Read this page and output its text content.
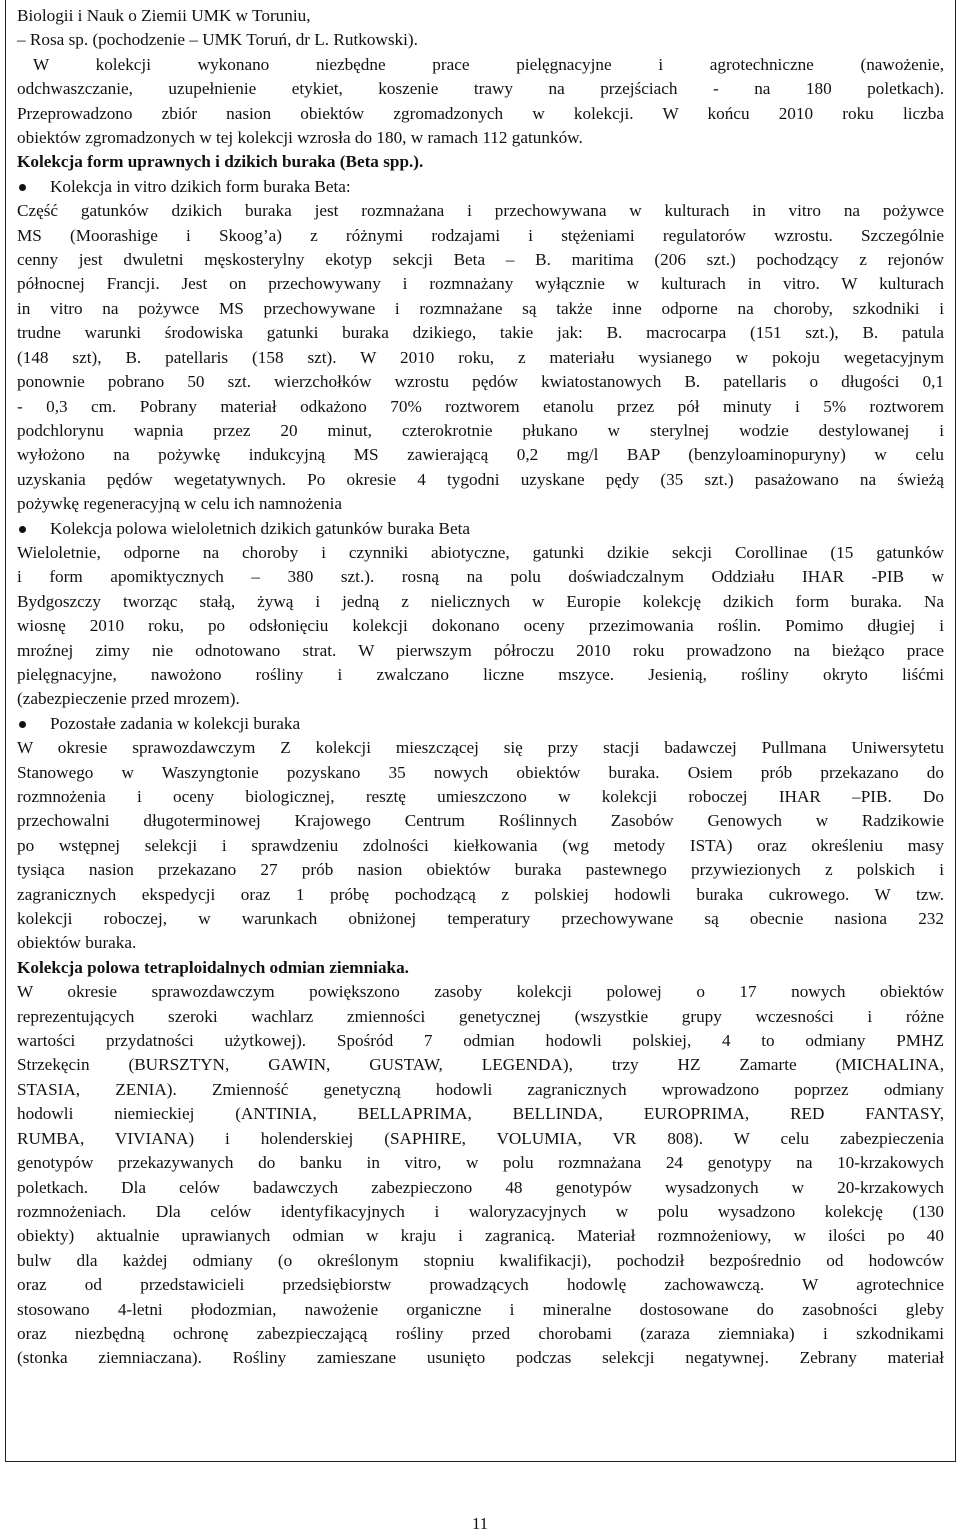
Biologii i Nauk o Ziemii UMK w Toruniu,
– Rosa sp. (pochodzenie – UMK Toruń, dr L. Rutkowski).
W kolekcji wykonano niezbędne prace pielęgnacyjne i agrotechniczne (nawożenie,
odchwaszczanie, uzupełnienie etykiet, koszenie trawy na przejściach - na 180 poletkach).
Przeprowadzono zbiór nasion obiektów zgromadzonych w kolekcji. W końcu 2010 roku liczba
obiektów zgromadzonych w tej kolekcji wzrosła do 180, w ramach 112 gatunków.
Kolekcja form uprawnych i dzikich buraka (Beta spp.).
Kolekcja in vitro dzikich form buraka Beta:
Część gatunków dzikich buraka jest rozmnażana i przechowywana w kulturach in vitro na pożywce
MS (Moorashige i Skoog’a) z różnymi rodzajami i stężeniami regulatorów wzrostu. Szczególnie
cenny jest dwuletni męskosterylny ekotyp sekcji Beta – B. maritima (206 szt.) pochodzący z rejonów
północnej Francji. Jest on przechowywany i rozmnażany wyłącznie w kulturach in vitro. W kulturach
in vitro na pożywce MS przechowywane i rozmnażane są także inne odporne na choroby, szkodniki i
trudne warunki środowiska gatunki buraka dzikiego, takie jak: B. macrocarpa (151 szt.), B. patula
(148 szt), B. patellaris (158 szt). W 2010 roku, z materiału wysianego w pokoju wegetacyjnym
ponownie pobrano 50 szt. wierzchołków wzrostu pędów kwiatostanowych B. patellaris o długości 0,1
- 0,3 cm. Pobrany materiał odkażono 70% roztworem etanolu przez pół minuty i 5% roztworem
podchlorynu wapnia przez 20 minut, czterokrotnie płukano w sterylnej wodzie destylowanej i
wyłożono na pożywkę indukcyjną MS zawierającą 0,2 mg/l BAP (benzyloaminopuryny) w celu
uzyskania pędów wegetatywnych. Po okresie 4 tygodni uzyskane pędy (35 szt.) pasażowano na świeżą
pożywkę regeneracyjną w celu ich namnożenia
Kolekcja polowa wieloletnich dzikich gatunków buraka Beta
Wieloletnie, odporne na choroby i czynniki abiotyczne, gatunki dzikie sekcji Corollinae (15 gatunków
i form apomiktycznych – 380 szt.). rosną na polu doświadczalnym Oddziału IHAR -PIB w
Bydgoszczy tworząc stałą, żywą i jedną z nielicznych w Europie kolekcję dzikich form buraka. Na
wiosnę 2010 roku, po odsłonięciu kolekcji dokonano oceny przezimowania roślin. Pomimo długiej i
mroźnej zimy nie odnotowano strat. W pierwszym półroczu 2010 roku prowadzono na bieżąco prace
pielęgnacyjne, nawożono rośliny i zwalczano liczne mszyce. Jesienią, rośliny okryto liśćmi
(zabezpieczenie przed mrozem).
Pozostałe zadania w kolekcji buraka
W okresie sprawozdawczym Z kolekcji mieszczącej się przy stacji badawczej Pullmana Uniwersytetu
Stanowego w Waszyngtonie pozyskano 35 nowych obiektów buraka. Osiem prób przekazano do
rozmnożenia i oceny biologicznej, resztę umieszczono w kolekcji roboczej IHAR –PIB. Do
przechowalni długoterminowej Krajowego Centrum Roślinnych Zasobów Genowych w Radzikowie
po wstępnej selekcji i sprawdzeniu zdolności kiełkowania (wg metody ISTA) oraz określeniu masy
tysiąca nasion przekazano 27 prób nasion obiektów buraka pastewnego przywiezionych z polskich i
zagranicznych ekspedycji oraz 1 próbę pochodzącą z polskiej hodowli buraka cukrowego. W tzw.
kolekcji roboczej, w warunkach obniżonej temperatury przechowywane są obecnie nasiona 232
obiektów buraka.
Kolekcja polowa tetraploidalnych odmian ziemniaka.
W okresie sprawozdawczym powiększono zasoby kolekcji polowej o 17 nowych obiektów
reprezentujących szeroki wachlarz zmienności genetycznej (wszystkie grupy wczesności i różne
wartości przydatności użytkowej). Spośród 7 odmian hodowli polskiej, 4 to odmiany PMHZ
Strzekęcin (BURSZTYN, GAWIN, GUSTAW, LEGENDA), trzy HZ Zamarte (MICHALINA,
STASIA, ZENIA). Zmienność genetyczną hodowli zagranicznych wprowadzono poprzez odmiany
hodowli niemieckiej (ANTINIA, BELLAPRIMA, BELLINDA, EUROPRIMA, RED FANTASY,
RUMBA, VIVIANA) i holenderskiej (SAPHIRE, VOLUMIA, VR 808). W celu zabezpieczenia
genotypów przekazywanych do banku in vitro, w polu rozmnażana 24 genotypy na 10-krzakowych
poletkach. Dla celów badawczych zabezpieczono 48 genotypów wysadzonych w 20-krzakowych
rozmnożeniach. Dla celów identyfikacyjnych i waloryzacyjnych w polu wysadzono kolekcję (130
obiekty) aktualnie uprawianych odmian w kraju i zagranicą. Materiał rozmnożeniowy, w ilości po 40
bulw dla każdej odmiany (o określonym stopniu kwalifikacji), pochodził bezpośrednio od hodowców
oraz od przedstawicieli przedsiębiorstw prowadzących hodowlę zachowawczą. W agrotechnice
stosowano 4-letni płodozmian, nawożenie organiczne i mineralne dostosowane do zasobności gleby
oraz niezbędną ochronę zabezpieczającą rośliny przed chorobami (zaraza ziemniaka) i szkodnikami
(stonka ziemniaczana). Rośliny zamieszane usunięto podczas selekcji negatywnej. Zebrany materiał
11
